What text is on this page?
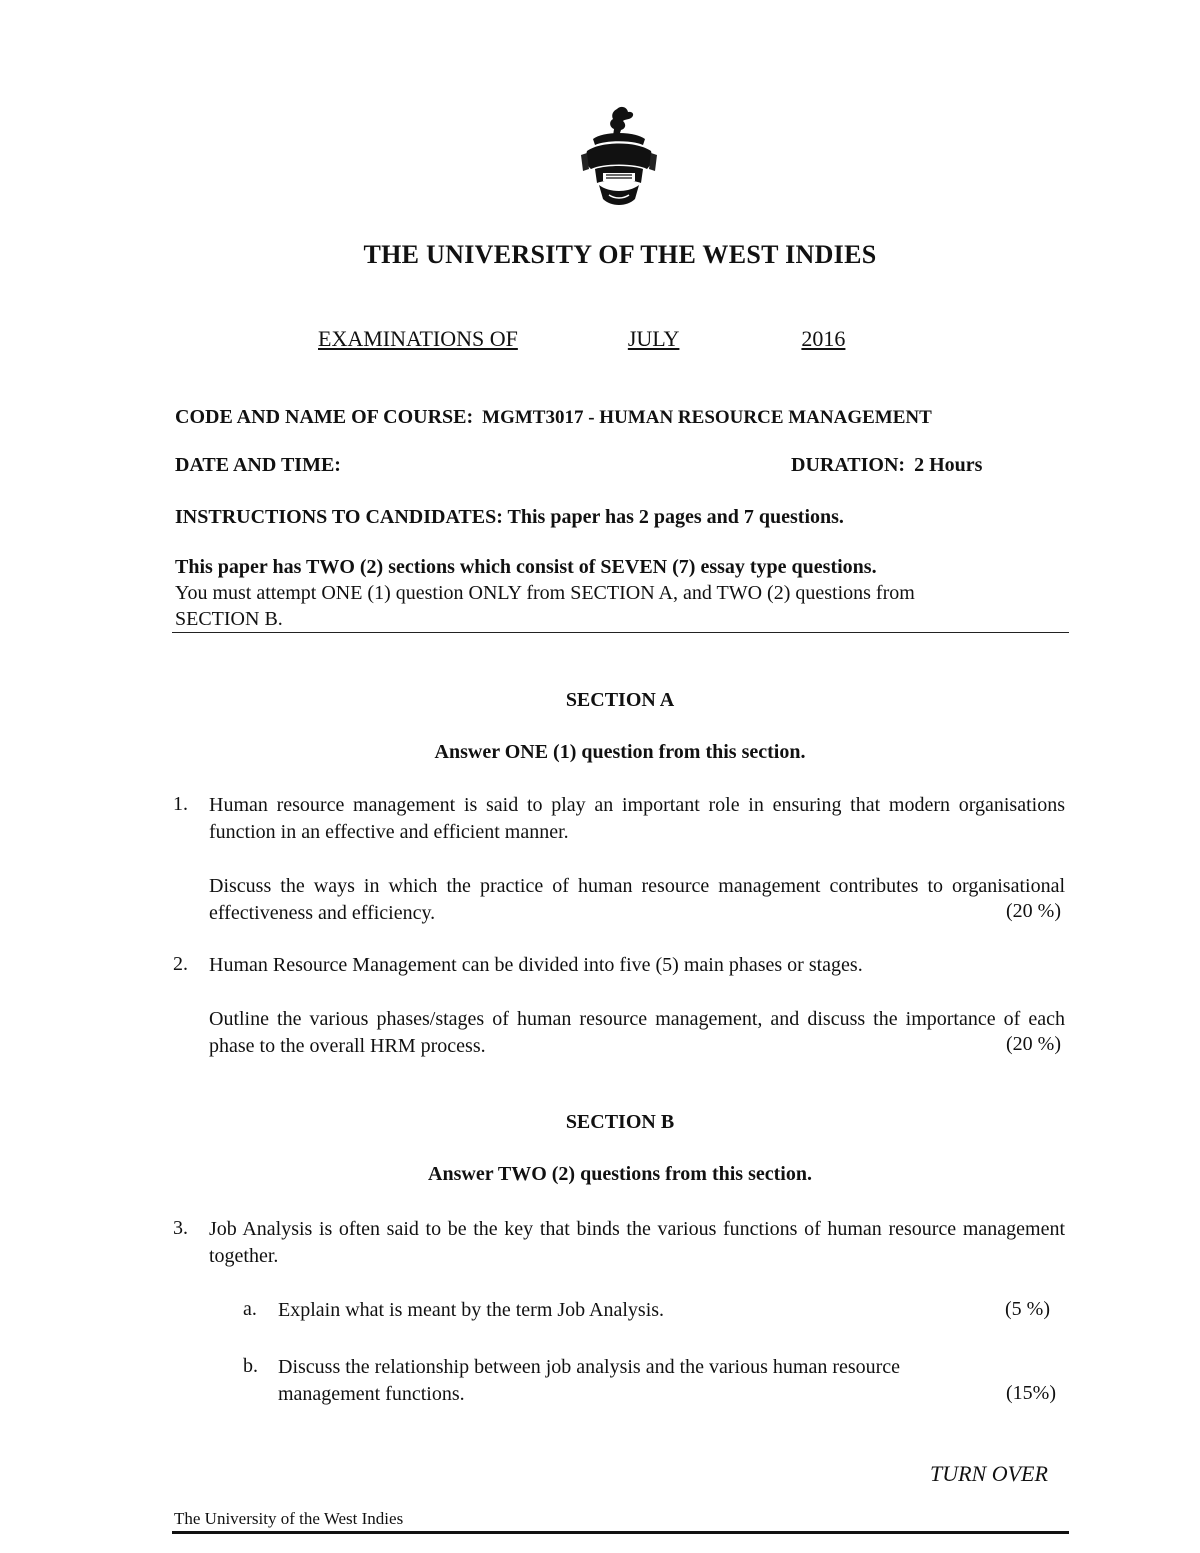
THE UNIVERSITY OF THE WEST INDIES
EXAMINATIONS OF	JULY	2016
CODE AND NAME OF COURSE: MGMT3017 - HUMAN RESOURCE MANAGEMENT
DATE AND TIME:	DURATION: 2 Hours
INSTRUCTIONS TO CANDIDATES: This paper has 2 pages and 7 questions.
This paper has TWO (2) sections which consist of SEVEN (7) essay type questions.
You must attempt ONE (1) question ONLY from SECTION A, and TWO (2) questions from
SECTION B.
SECTION A
Answer ONE (1) question from this section.
1. Human resource management is said to play an important role in ensuring that modern organisations function in an effective and efficient manner.
Discuss the ways in which the practice of human resource management contributes to organisational effectiveness and efficiency.	(20 %)
2. Human Resource Management can be divided into five (5) main phases or stages.
Outline the various phases/stages of human resource management, and discuss the importance of each phase to the overall HRM process.	(20 %)
SECTION B
Answer TWO (2) questions from this section.
3. Job Analysis is often said to be the key that binds the various functions of human resource management together.
a. Explain what is meant by the term Job Analysis.	(5 %)
b. Discuss the relationship between job analysis and the various human resource management functions.	(15%)
TURN OVER
The University of the West Indies
